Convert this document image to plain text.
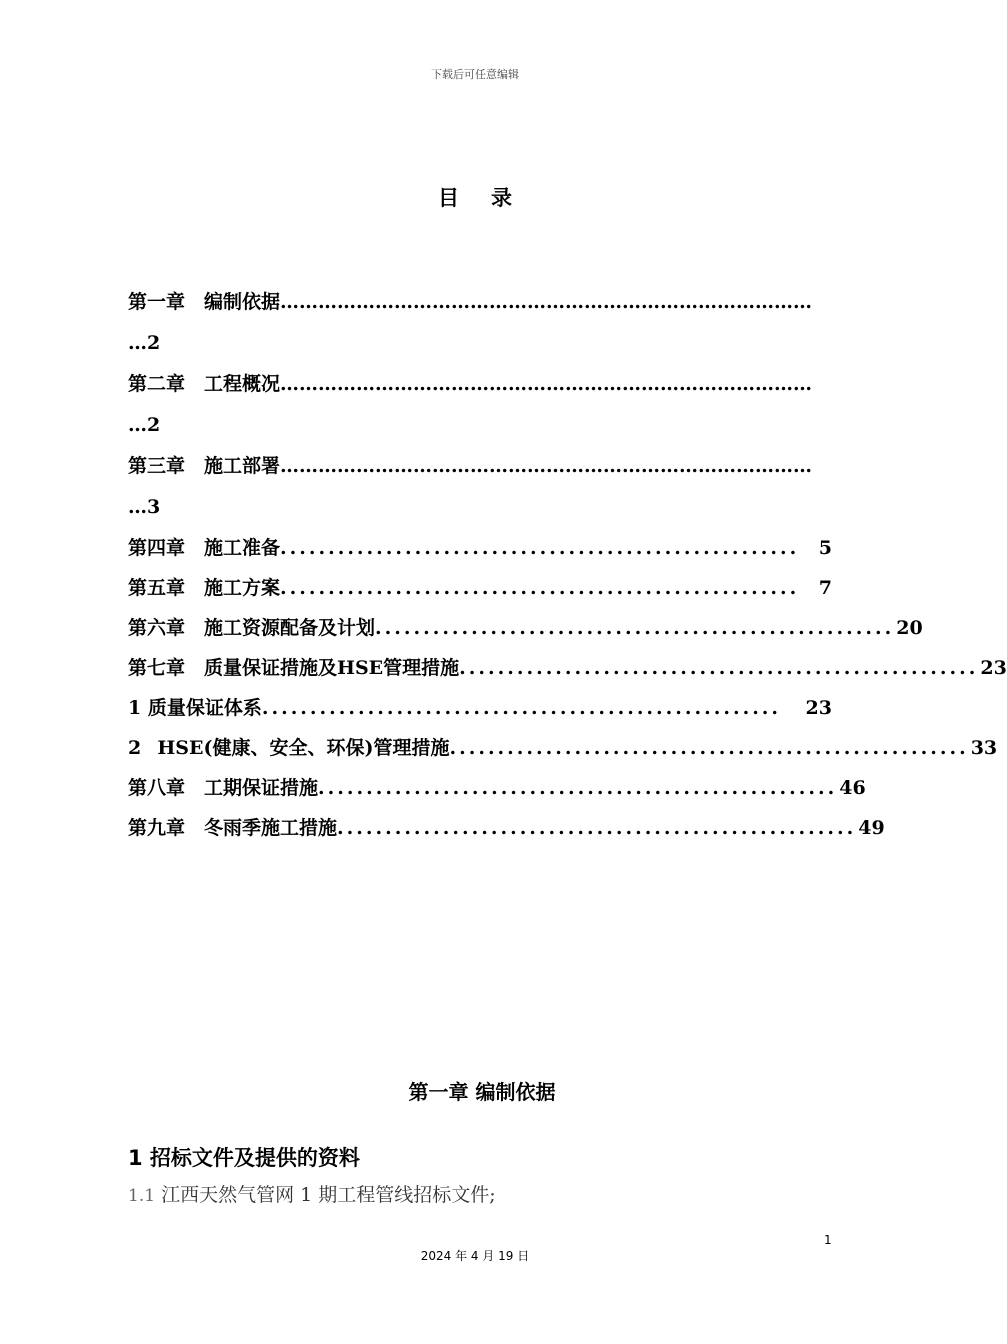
下载后可任意编辑
目录
第一章　编制依据 …………………………………………………………………………
…2
第二章　工程概况 …………………………………………………………………………
…2
第三章　施工部署 …………………………………………………………………………
…3
第四章　施工准备 ......................................................	5
第五章　施工方案 ......................................................	7
第六章　施工资源配备及计划 ...................................................... 20
第七章　质量保证措施及HSE管理措施 ...................................................... 23
1 质量保证体系 ......................................................	23
2  HSE(健康、安全、环保)管理措施 ...................................................... 33
第八章　工期保证措施 ...................................................... 46
第九章　冬雨季施工措施 ...................................................... 49
第一章 编制依据
1 招标文件及提供的资料
1.1 江西天然气管网 1 期工程管线招标文件;
1
2024 年 4 月 19 日
